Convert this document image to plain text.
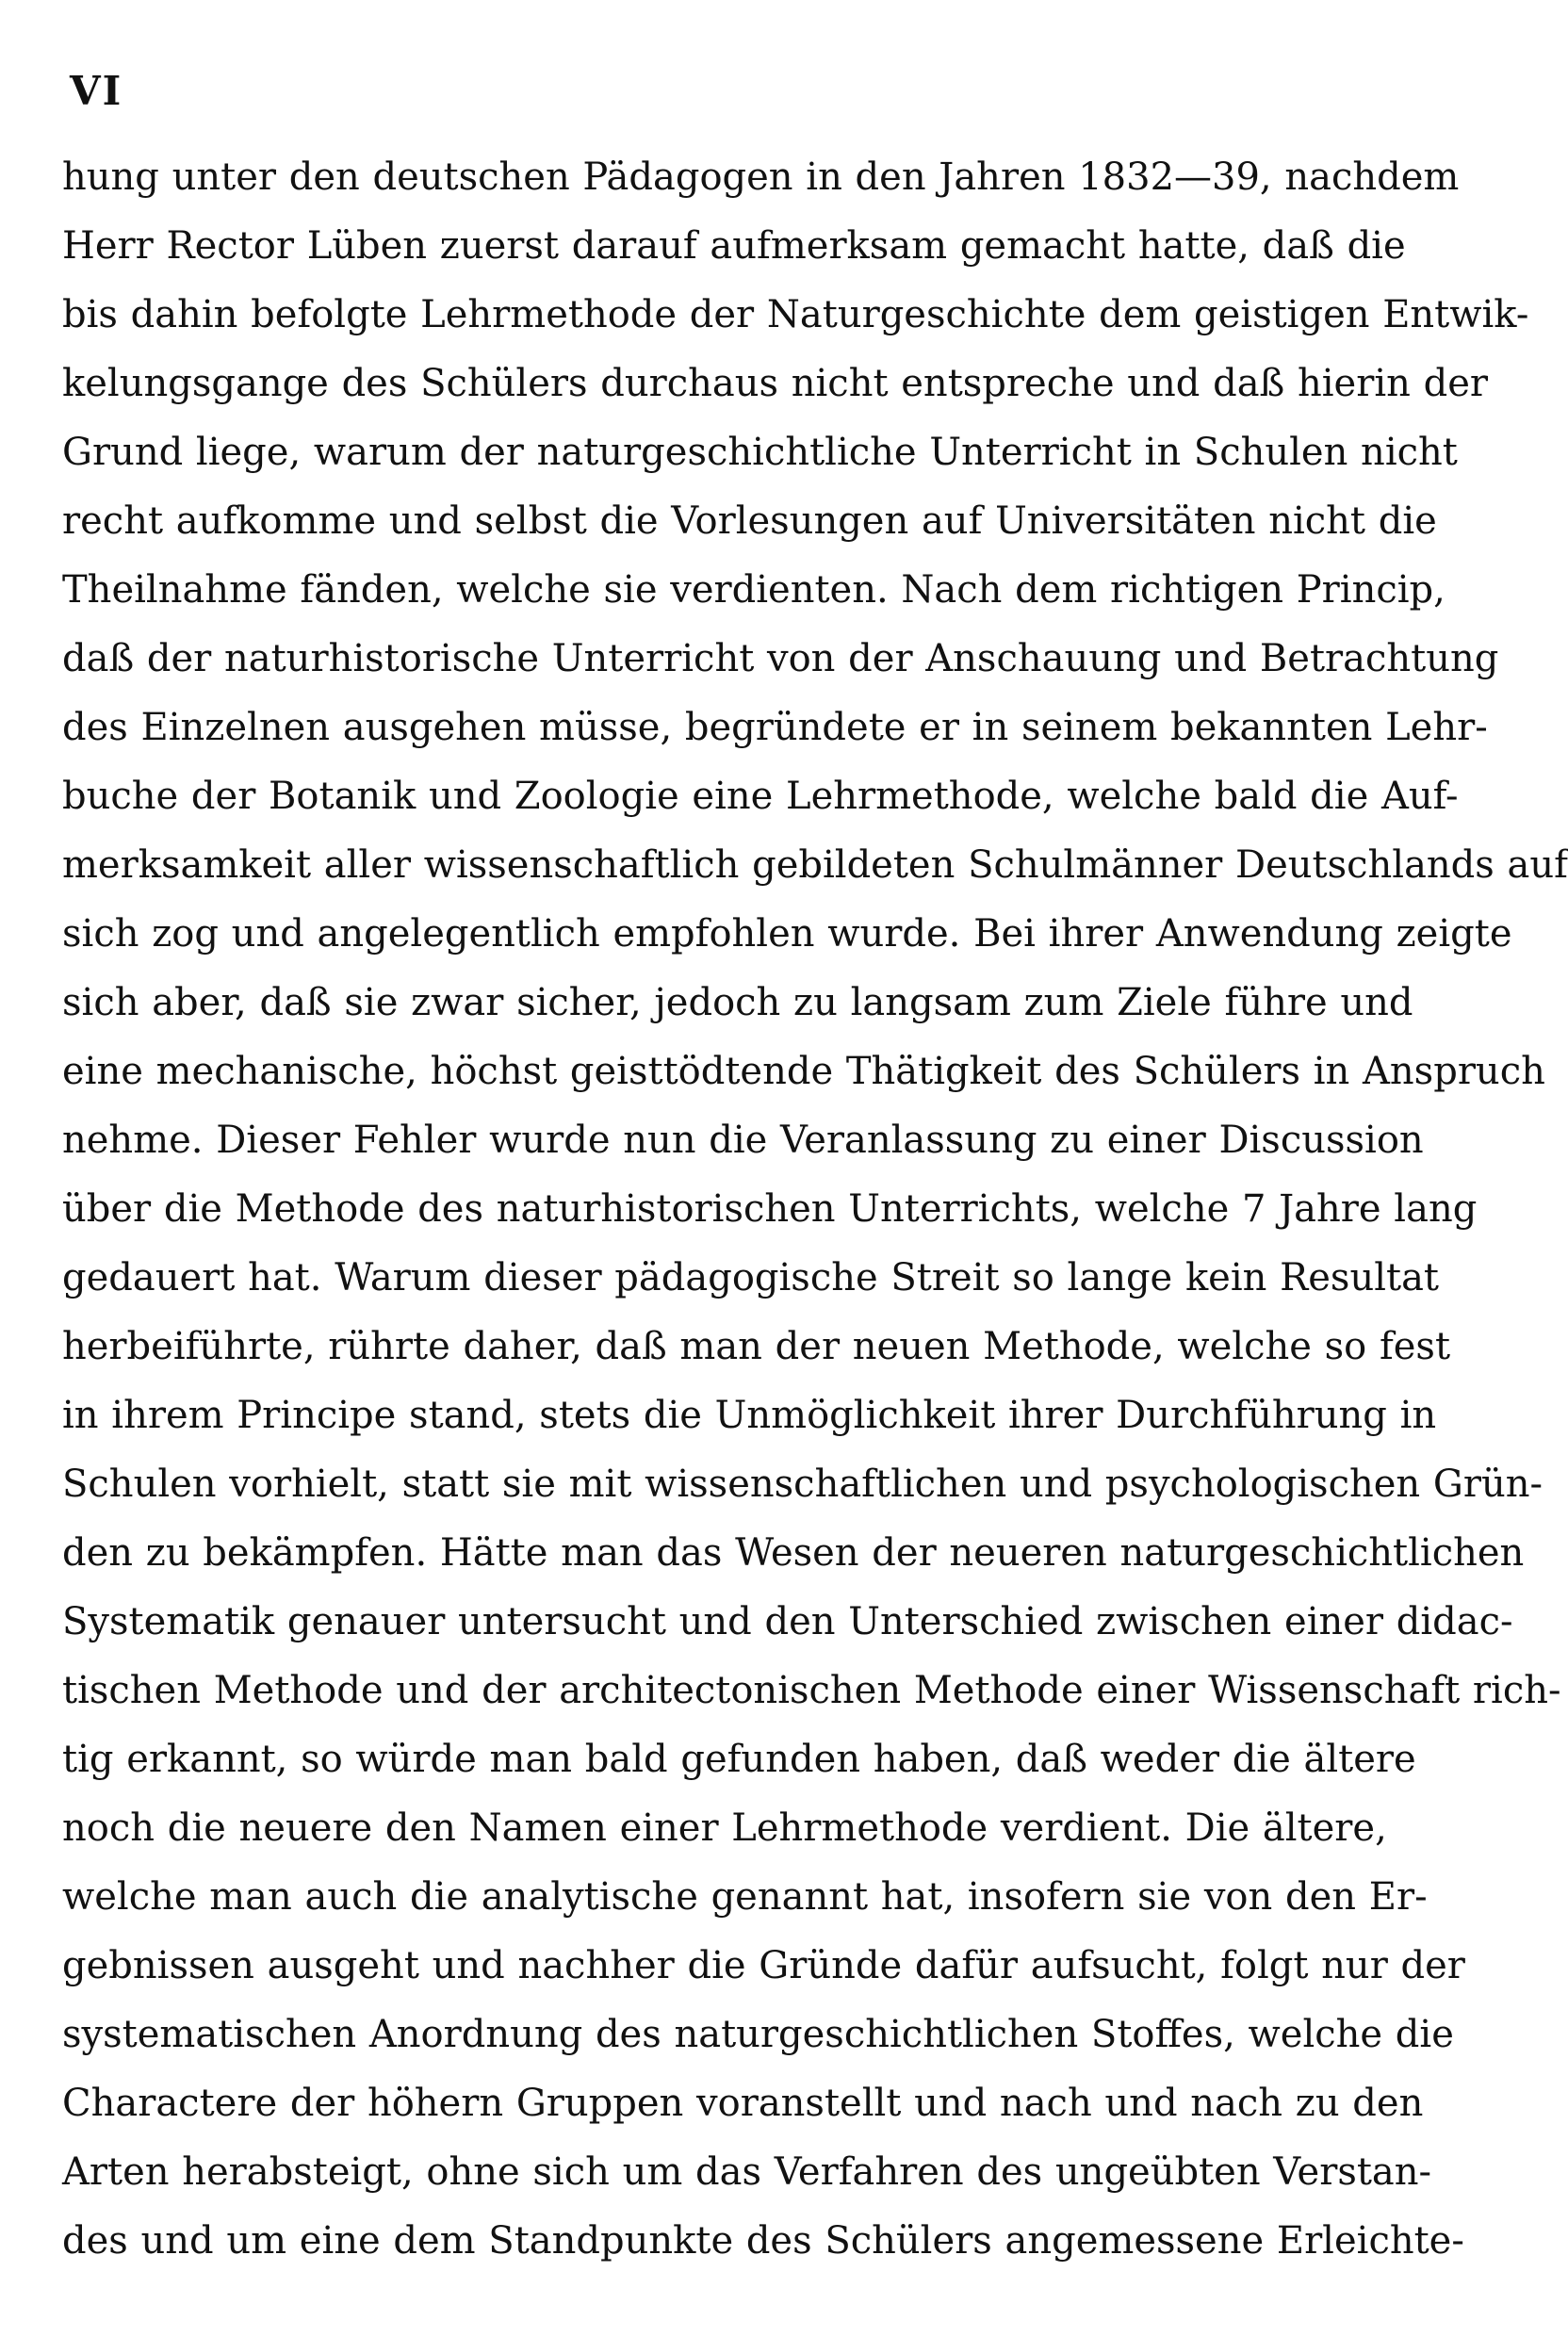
VI
hung unter den deutschen Pädagogen in den Jahren 1832—39, nachdem
Herr Rector Lüben zuerst darauf aufmerksam gemacht hatte, daß die
bis dahin befolgte Lehrmethode der Naturgeschichte dem geistigen Entwik-
kelungsgange des Schülers durchaus nicht entspreche und daß hierin der
Grund liege, warum der naturgeschichtliche Unterricht in Schulen nicht
recht aufkomme und selbst die Vorlesungen auf Universitäten nicht die
Theilnahme fänden, welche sie verdienten. Nach dem richtigen Princip,
daß der naturhistorische Unterricht von der Anschauung und Betrachtung
des Einzelnen ausgehen müsse, begründete er in seinem bekannten Lehr-
buche der Botanik und Zoologie eine Lehrmethode, welche bald die Auf-
merksamkeit aller wissenschaftlich gebildeten Schulmänner Deutschlands auf
sich zog und angelegentlich empfohlen wurde. Bei ihrer Anwendung zeigte
sich aber, daß sie zwar sicher, jedoch zu langsam zum Ziele führe und
eine mechanische, höchst geisttödtende Thätigkeit des Schülers in Anspruch
nehme. Dieser Fehler wurde nun die Veranlassung zu einer Discussion
über die Methode des naturhistorischen Unterrichts, welche 7 Jahre lang
gedauert hat. Warum dieser pädagogische Streit so lange kein Resultat
herbeiführte, rührte daher, daß man der neuen Methode, welche so fest
in ihrem Principe stand, stets die Unmöglichkeit ihrer Durchführung in
Schulen vorhielt, statt sie mit wissenschaftlichen und psychologischen Grün-
den zu bekämpfen. Hätte man das Wesen der neueren naturgeschichtlichen
Systematik genauer untersucht und den Unterschied zwischen einer didac-
tischen Methode und der architectonischen Methode einer Wissenschaft rich-
tig erkannt, so würde man bald gefunden haben, daß weder die ältere
noch die neuere den Namen einer Lehrmethode verdient. Die ältere,
welche man auch die analytische genannt hat, insofern sie von den Er-
gebnissen ausgeht und nachher die Gründe dafür aufsucht, folgt nur der
systematischen Anordnung des naturgeschichtlichen Stoffes, welche die
Charactere der höhern Gruppen voranstellt und nach und nach zu den
Arten herabsteigt, ohne sich um das Verfahren des ungeübten Verstan-
des und um eine dem Standpunkte des Schülers angemessene Erleichte-
